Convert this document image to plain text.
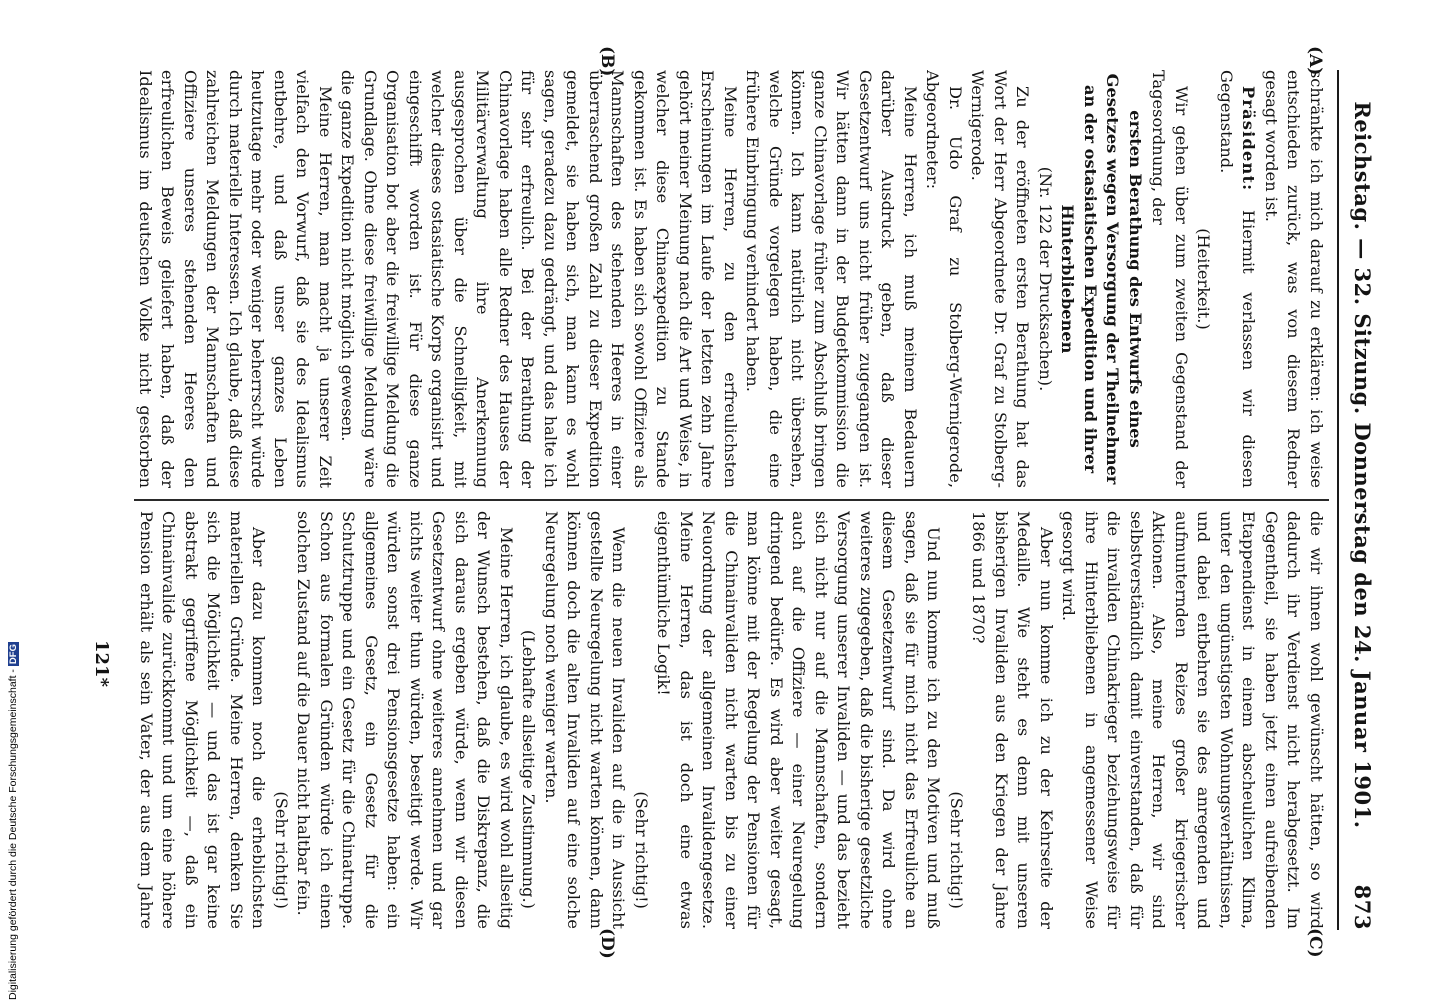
Reichstag. — 32. Sitzung. Donnerstag den 24. Januar 1901.
873
(A)
(B)
(C)
(D)

schränkte ich mich darauf zu erklären: ich weise entschieden zurück, was von diesem Redner gesagt worden ist.

Präsident: Hiermit verlassen wir diesen Gegenstand.

(Heiterkeit.)

Wir gehen über zum zweiten Gegenstand der Tagesordnung, der

ersten Berathung des Entwurfs eines Gesetzes wegen Versorgung der Theilnehmer an der ostasiatischen Expedition und ihrer Hinterbliebenen

(Nr. 122 der Drucksachen).

Zu der eröffneten ersten Berathung hat das Wort der Herr Abgeordnete Dr. Graf zu Stolberg-Wernigerode.

Dr. Udo Graf zu Stolberg-Wernigerode, Abgeordneter:

Meine Herren, ich muß meinem Bedauern darüber Ausdruck geben, daß dieser Gesetzentwurf uns nicht früher zugegangen ist. Wir hätten dann in der Budgetkommission die ganze Chinavorlage früher zum Abschluß bringen können. Ich kann natürlich nicht übersehen, welche Gründe vorgelegen haben, die eine frühere Einbringung verhindert haben.

Meine Herren, zu den erfreulichsten Erscheinungen im Laufe der letzten zehn Jahre gehört meiner Meinung nach die Art und Weise, in welcher diese Chinaexpedition zu Stande gekommen ist. Es haben sich sowohl Offiziere als Mannschaften des stehenden Heeres in einer überraschend großen Zahl zu dieser Expedition gemeldet, sie haben sich, man kann es wohl sagen, geradezu dazu gedrängt, und das halte ich für sehr erfreulich. Bei der Berathung der Chinavorlage haben alle Redner des Hauses der Militärverwaltung ihre Anerkennung ausgesprochen über die Schnelligkeit, mit welcher dieses ostasiatische Korps organisirt und eingeschifft worden ist. Für diese ganze Organisation bot aber die freiwillige Meldung die Grundlage. Ohne diese freiwillige Meldung wäre die ganze Expedition nicht möglich gewesen.

Meine Herren, man macht ja unserer Zeit vielfach den Vorwurf, daß sie des Idealismus entbehre, und daß unser ganzes Leben heutzutage mehr oder weniger beherrscht würde durch materielle Interessen. Ich glaube, daß diese zahlreichen Meldungen der Mannschaften und Offiziere unseres stehenden Heeres den erfreulichen Beweis geliefert haben, daß der Idealismus im deutschen Volke nicht gestorben

die wir ihnen wohl gewünscht hätten, so wird dadurch ihr Verdienst nicht herabgesetzt. Im Gegentheil, sie haben jetzt einen aufreibenden Etappendienst in einem abscheulichen Klima, unter den ungünstigsten Wohnungsverhältnissen, und dabei entbehren sie des anregenden und aufmunternden Reizes großer kriegerischer Aktionen. Also, meine Herren, wir sind selbstverständlich damit einverstanden, daß für die invaliden Chinakrieger beziehungsweise für ihre Hinterbliebenen in angemessener Weise gesorgt wird.

Aber nun komme ich zu der Kehrseite der Medaille. Wie steht es denn mit unseren bisherigen Invaliden aus den Kriegen der Jahre 1866 und 1870?

(Sehr richtig!)

Und nun komme ich zu den Motiven und muß sagen, daß sie für mich nicht das Erfreuliche an diesem Gesetzentwurf sind. Da wird ohne weiteres zugegeben, daß die bisherige gesetzliche Versorgung unserer Invaliden — und das bezieht sich nicht nur auf die Mannschaften, sondern auch auf die Offiziere — einer Neuregelung dringend bedürfe. Es wird aber weiter gesagt, man könne mit der Regelung der Pensionen für die Chinainvaliden nicht warten bis zu einer Neuordnung der allgemeinen Invalidengesetze. Meine Herren, das ist doch eine etwas eigenthümliche Logik!

(Sehr richtig!)

Wenn die neuen Invaliden auf die in Aussicht gestellte Neuregelung nicht warten können, dann können doch die alten Invaliden auf eine solche Neuregelung noch weniger warten.

(Lebhafte allseitige Zustimmung.)

Meine Herren, ich glaube, es wird wohl allseitig der Wunsch bestehen, daß die Diskrepanz, die sich daraus ergeben würde, wenn wir diesen Gesetzentwurf ohne weiteres annehmen und gar nichts weiter thun würden, beseitigt werde. Wir würden sonst drei Pensionsgesetze haben: ein allgemeines Gesetz, ein Gesetz für die Schutztruppe und ein Gesetz für die Chinatruppe. Schon aus formalen Gründen würde ich einen solchen Zustand auf die Dauer nicht haltbar fein.

(Sehr richtig!)

Aber dazu kommen noch die erheblichsten materiellen Gründe. Meine Herren, denken Sie sich die Möglichkeit — und das ist gar keine abstrakt gegriffene Möglichkeit —, daß ein Chinainvalide zurückkommt und um eine höhere Pension erhält als sein Vater, der aus dem Jahre

121*
Digitalisierung gefördert durch die Deutsche Forschungsgemeinschaft -DFG
